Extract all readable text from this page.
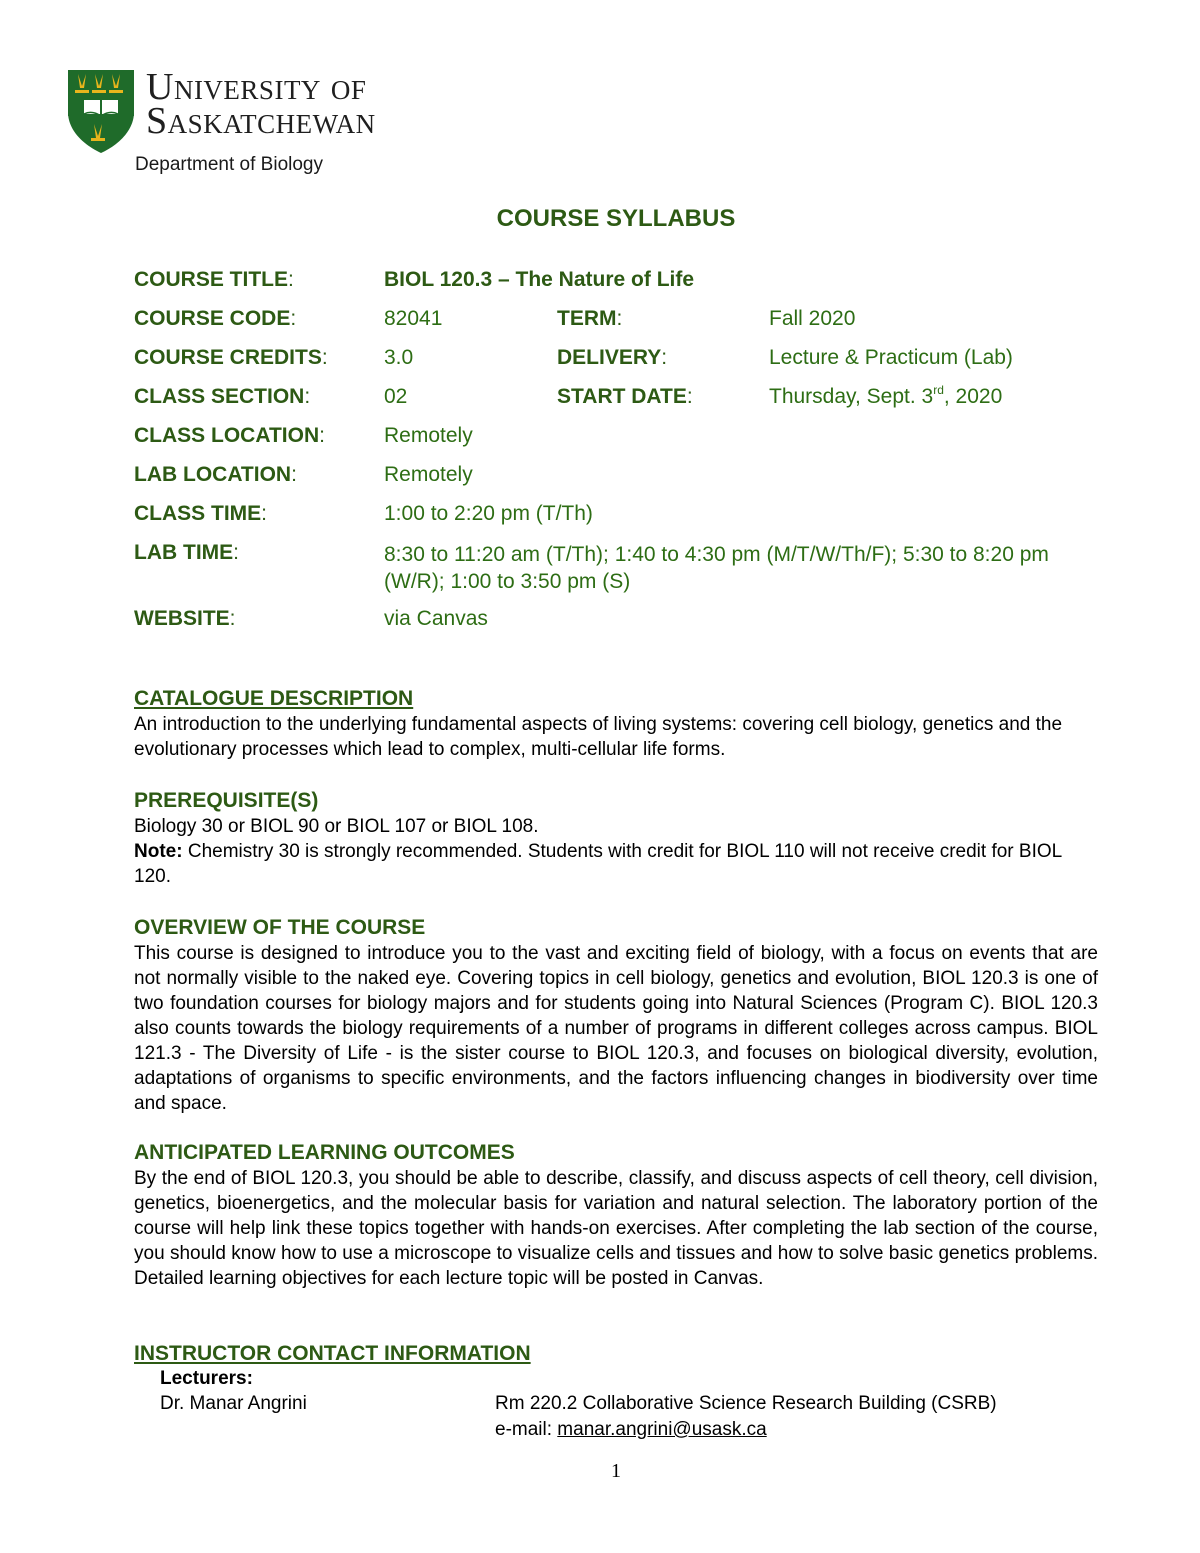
University of
Saskatchewan
Department of Biology
COURSE SYLLABUS
COURSE TITLE:	BIOL 120.3 – The Nature of Life
COURSE CODE:	82041	TERM:	Fall 2020
COURSE CREDITS:	3.0	DELIVERY:	Lecture & Practicum (Lab)
CLASS SECTION:	02	START DATE:	Thursday, Sept. 3rd, 2020
CLASS LOCATION:	Remotely
LAB LOCATION:	Remotely
CLASS TIME:	1:00 to 2:20 pm (T/Th)
LAB TIME:	8:30 to 11:20 am (T/Th); 1:40 to 4:30 pm (M/T/W/Th/F); 5:30 to 8:20 pm (W/R); 1:00 to 3:50 pm (S)
WEBSITE:	via Canvas
CATALOGUE DESCRIPTION
An introduction to the underlying fundamental aspects of living systems: covering cell biology, genetics and the evolutionary processes which lead to complex, multi-cellular life forms.
PREREQUISITE(S)
Biology 30 or BIOL 90 or BIOL 107 or BIOL 108.
Note: Chemistry 30 is strongly recommended. Students with credit for BIOL 110 will not receive credit for BIOL 120.
OVERVIEW OF THE COURSE
This course is designed to introduce you to the vast and exciting field of biology, with a focus on events that are not normally visible to the naked eye. Covering topics in cell biology, genetics and evolution, BIOL 120.3 is one of two foundation courses for biology majors and for students going into Natural Sciences (Program C). BIOL 120.3 also counts towards the biology requirements of a number of programs in different colleges across campus. BIOL 121.3 - The Diversity of Life - is the sister course to BIOL 120.3, and focuses on biological diversity, evolution, adaptations of organisms to specific environments, and the factors influencing changes in biodiversity over time and space.
ANTICIPATED LEARNING OUTCOMES
By the end of BIOL 120.3, you should be able to describe, classify, and discuss aspects of cell theory, cell division, genetics, bioenergetics, and the molecular basis for variation and natural selection. The laboratory portion of the course will help link these topics together with hands-on exercises. After completing the lab section of the course, you should know how to use a microscope to visualize cells and tissues and how to solve basic genetics problems. Detailed learning objectives for each lecture topic will be posted in Canvas.
INSTRUCTOR CONTACT INFORMATION
Lecturers:
Dr. Manar Angrini	Rm 220.2 Collaborative Science Research Building (CSRB)
e-mail: manar.angrini@usask.ca
1
